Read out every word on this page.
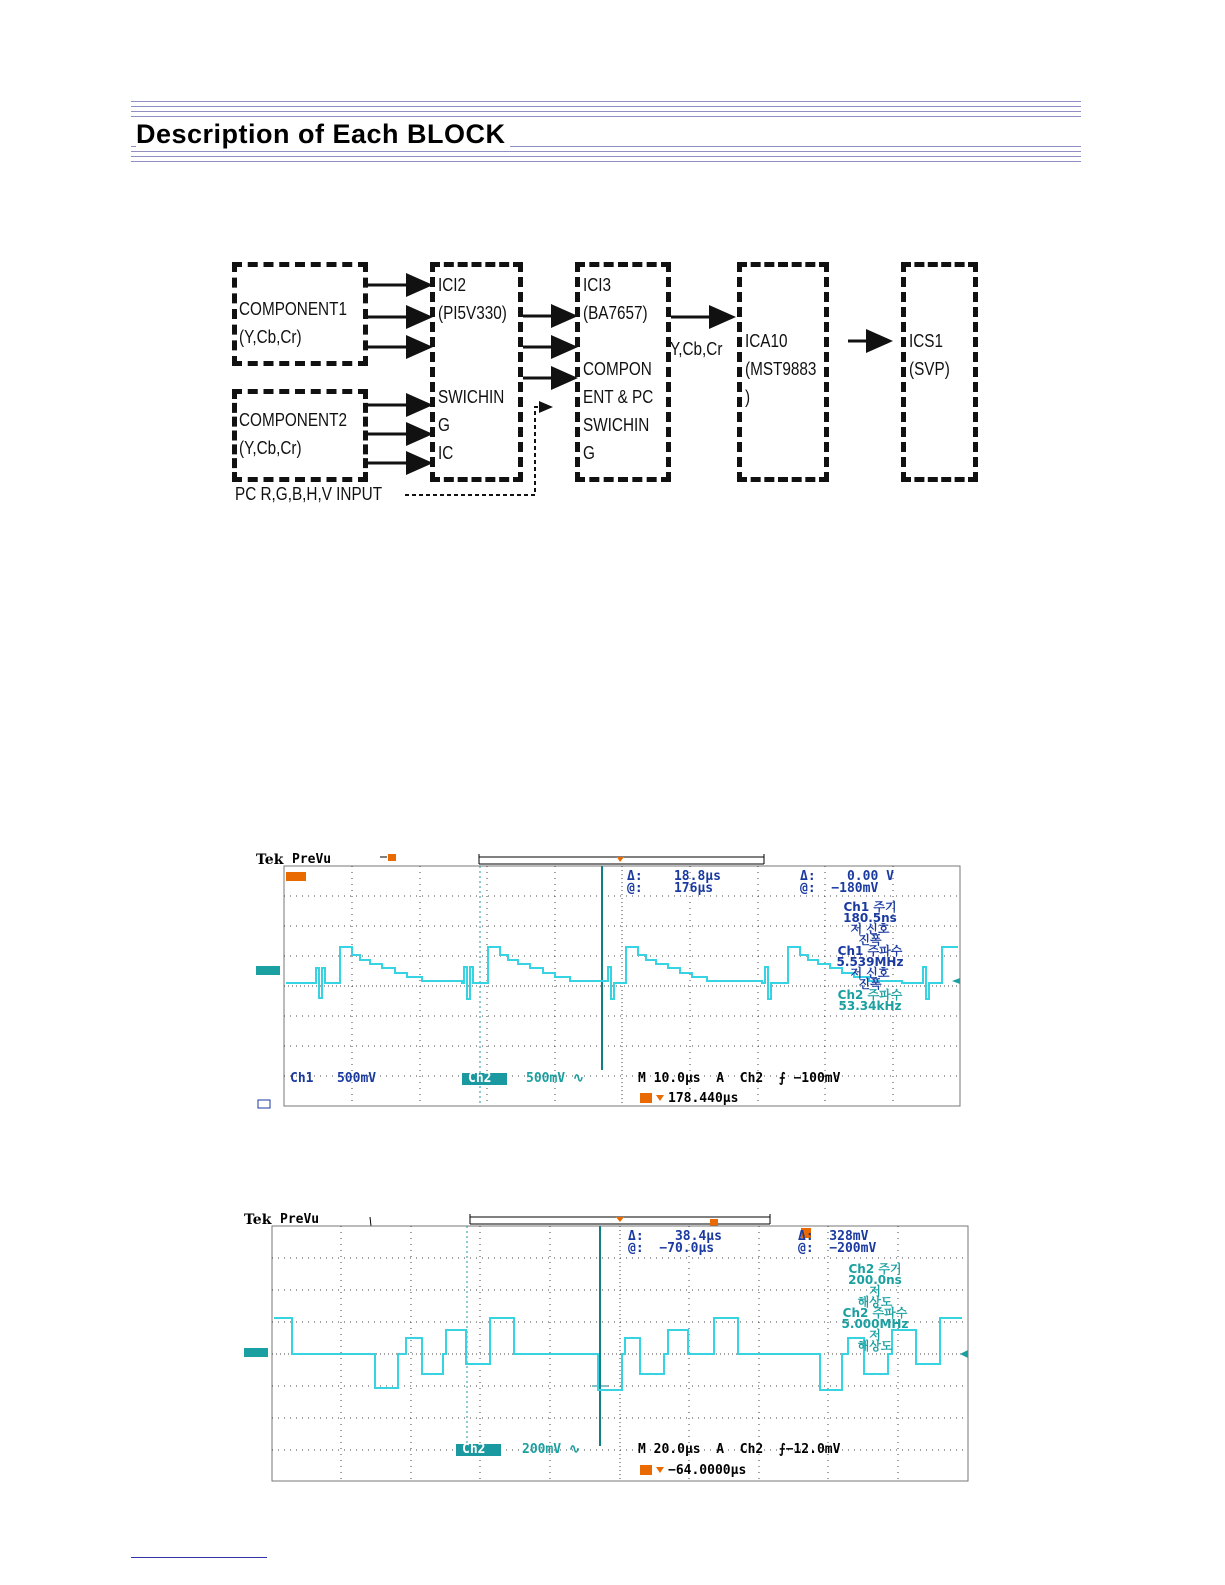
Description of Each BLOCK
COMPONENT1
(Y,Cb,Cr)
COMPONENT2
(Y,Cb,Cr)
ICI2
(PI5V330)

SWICHIN
G
IC
ICI3
(BA7657)

COMPON
ENT & PC
SWICHIN
G

ICA10
(MST9883
)

ICS1
(SVP)
Y,Cb,Cr
PC R,G,B,H,V INPUT
Tek PreVu
Δ:    18.8μs
@:    176μs
Δ:    0.00 V
@:  −180mV
Ch1 주기
180.5ns
저 신호
진폭
Ch1 주파수
5.539MHz
저 신호
진폭
Ch2 주파수
53.34kHz
Ch1   500mV	Ch2	500mV ∿	M 10.0μs  A  Ch2  ⨍ −100mV
178.440μs
Tek PreVu
Δ:    38.4μs
@:  −70.0μs
Δ:  328mV
@:  −200mV
Ch2 주기
200.0ns
저
해상도
Ch2 주파수
5.000MHz
저
해상도
Ch2	200mV ∿	M 20.0μs  A  Ch2  ⨍−12.0mV
−64.0000μs
